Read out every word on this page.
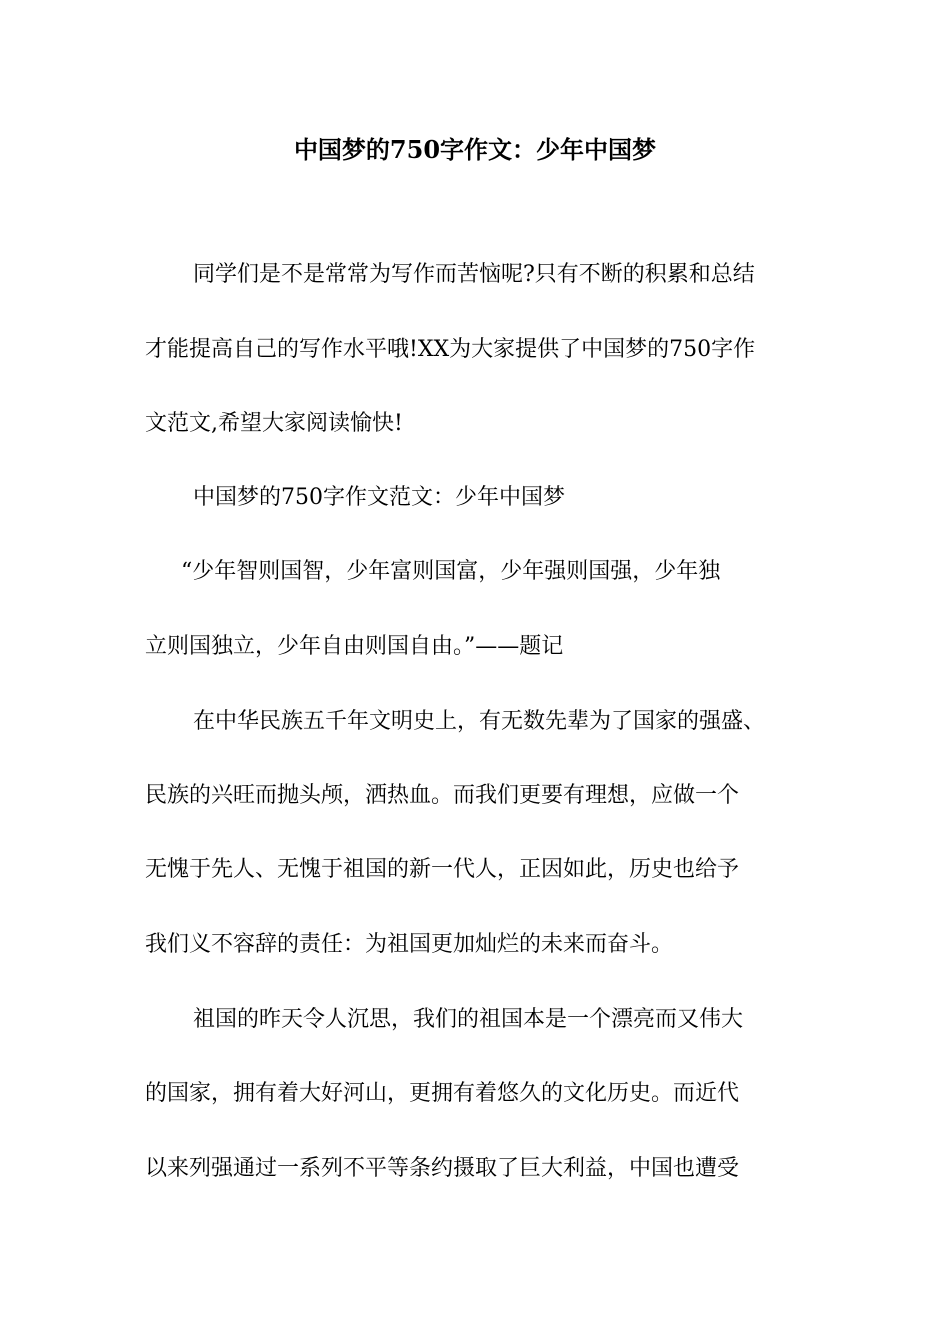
中国梦的750字作文：少年中国梦

同学们是不是常常为写作而苦恼呢?只有不断的积累和总结

才能提高自己的写作水平哦!XX为大家提供了中国梦的750字作

文范文,希望大家阅读愉快!

中国梦的750字作文范文：少年中国梦

“少年智则国智，少年富则国富，少年强则国强，少年独

立则国独立，少年自由则国自由。”——题记

在中华民族五千年文明史上，有无数先辈为了国家的强盛、

民族的兴旺而抛头颅，洒热血。而我们更要有理想，应做一个

无愧于先人、无愧于祖国的新一代人，正因如此，历史也给予

我们义不容辞的责任：为祖国更加灿烂的未来而奋斗。

祖国的昨天令人沉思，我们的祖国本是一个漂亮而又伟大

的国家，拥有着大好河山，更拥有着悠久的文化历史。而近代

以来列强通过一系列不平等条约摄取了巨大利益，中国也遭受
